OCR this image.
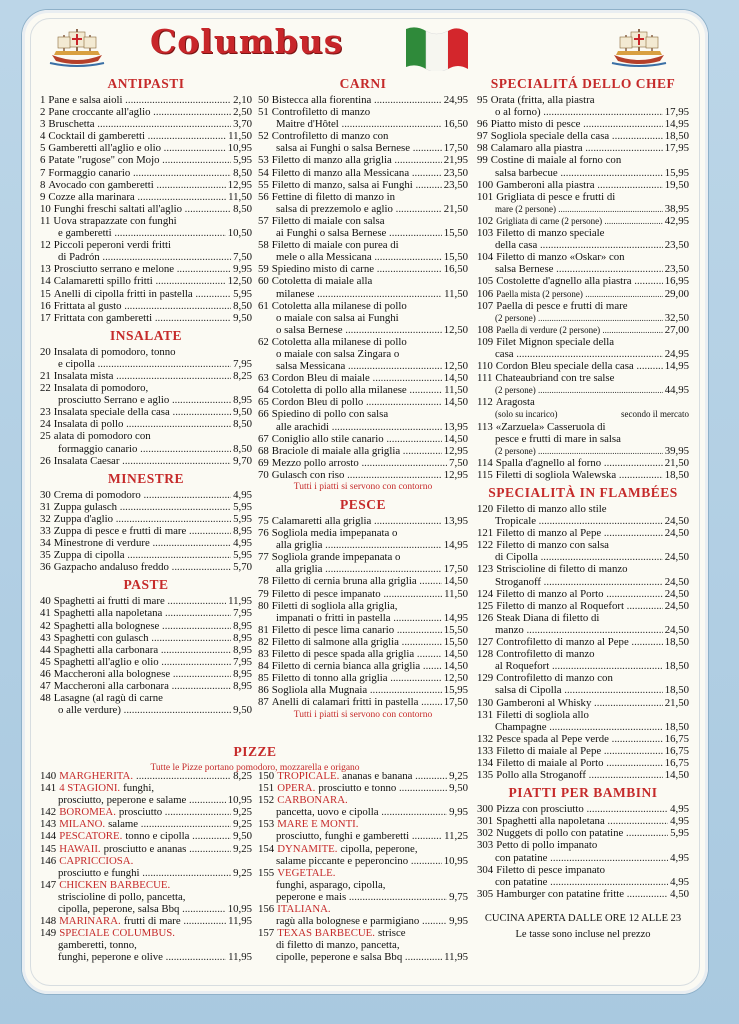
Columbus
ANTIPASTI
1 Pane e salsa aioli .....	2,10
2 Pane croccante all'aglio .....	2,50
3 Bruschetta .....	3,70
4 Cocktail di gamberetti .....	11,50
5 Gamberetti all'aglio e olio .....	10,95
6 Patate "rugose" con Mojo .....	5,95
7 Formaggio canario .....	8,50
8 Avocado con gamberetti .....	12,95
9 Cozze alla marinara .....	11,50
10 Funghi freschi saltati all'aglio .....	8,50
11 Uova strapazzate con funghi
e gamberetti .....	10,50
12 Piccoli peperoni verdi fritti
di Padrón .....	7,50
13 Prosciutto serrano e melone .....	9,95
14 Calamaretti spillo fritti .....	12,50
15 Anelli di cipolla fritti in pastella .....	5,95
16 Frittata al gusto .....	8,50
17 Frittata con gamberetti .....	9,50
INSALATE
20 Insalata di pomodoro, tonno
e cipolla .....	7,95
21 Insalata mista .....	8,25
22 Insalata di pomodoro,
prosciutto Serrano e aglio .....	8,95
23 Insalata speciale della casa .....	9,50
24 Insalata di pollo .....	8,50
25 alata di pomodoro con
formaggio canario .....	8,50
26 Insalata Caesar .....	9,70
MINESTRE
30 Crema di pomodoro .....	4,95
31 Zuppa gulasch .....	5,95
32 Zuppa d'aglio .....	5,95
33 Zuppa di pesce e frutti di mare .....	8,95
34 Minestrone di verdure .....	4,95
35 Zuppa di cipolla .....	5,95
36 Gazpacho andaluso freddo .....	5,70
PASTE
40 Spaghetti ai frutti di mare .....	11,95
41 Spaghetti alla napoletana .....	7,95
42 Spaghetti alla bolognese .....	8,95
43 Spaghetti con gulasch .....	8,95
44 Spaghetti alla carbonara .....	8,95
45 Spaghetti all'aglio e olio .....	7,95
46 Maccheroni alla bolognese .....	8,95
47 Maccheroni alla carbonara .....	8,95
48 Lasagne (al ragù di carne
o alle verdure) .....	9,50
CARNI
50 Bistecca alla fiorentina .....	24,95
51 Controfiletto di manzo
Maitre d'Hôtel .....	16,50
52 Controfiletto di manzo con
salsa ai Funghi o salsa Bernese .....	17,50
53 Filetto di manzo alla griglia .....	21,95
54 Filetto di manzo alla Messicana .....	23,50
55 Filetto di manzo, salsa ai Funghi .....	23,50
56 Fettine di filetto di manzo in
salsa di prezzemolo e aglio .....	21,50
57 Filetto di maiale con salsa
ai Funghi o salsa Bernese .....	15,50
58 Filetto di maiale con purea di
mele o alla Messicana .....	15,50
59 Spiedino misto di carne .....	16,50
60 Cotoletta di maiale alla
milanese .....	11,50
61 Cotoletta alla milanese di pollo
o maiale con salsa ai Funghi
o salsa Bernese .....	12,50
62 Cotoletta alla milanese di pollo
o maiale con salsa Zingara o
salsa Messicana .....	12,50
63 Cordon Bleu di maiale .....	14,50
64 Cotoletta di pollo alla milanese .....	11,50
65 Cordon Bleu di pollo .....	14,50
66 Spiedino di pollo con salsa
alle arachidi .....	13,95
67 Coniglio allo stile canario .....	14,50
68 Braciole di maiale alla griglia .....	12,95
69 Mezzo pollo arrosto .....	7,50
70 Gulasch con riso .....	12,95
Tutti i piatti si servono con contorno
PESCE
75 Calamaretti alla griglia .....	13,95
76 Sogliola media impepanata o
alla griglia .....	14,95
77 Sogliola grande impepanata o
alla griglia .....	17,50
78 Filetto di cernia bruna alla griglia .....	14,50
79 Filetto di pesce impanato .....	11,50
80 Filetti di sogliola alla griglia,
impanati o fritti in pastella .....	14,95
81 Filetto di pesce lima canario .....	15,50
82 Filetto di salmone alla griglia .....	15,50
83 Filetto di pesce spada alla griglia .....	14,50
84 Filetto di cernia bianca alla griglia .....	14,50
85 Filetto di tonno alla griglia .....	12,50
86 Sogliola alla Mugnaia .....	15,95
87 Anelli di calamari fritti in pastella .....	17,50
Tutti i piatti si servono con contorno
SPECIALITÁ DELLO CHEF
95 Orata (fritta, alla piastra
o al forno) .....	17,95
96 Piatto misto di pesce .....	14,95
97 Sogliola speciale della casa .....	18,50
98 Calamaro alla piastra .....	17,95
99 Costine di maiale al forno con
salsa barbecue .....	15,95
100 Gamberoni alla piastra .....	19,50
101 Grigliata di pesce e frutti di
mare (2 persone) .....	38,95
102 Grigliata di carne (2 persone) .....	42,95
103 Filetto di manzo speciale
della casa .....	23,50
104 Filetto di manzo «Oskar» con
salsa Bernese .....	23,50
105 Costolette d'agnello alla piastra .....	16,95
106 Paella mista (2 persone) .....	29,00
107 Paella di pesce e frutti di mare
(2 persone) .....	32,50
108 Paella di verdure (2 persone) .....	27,00
109 Filet Mignon speciale della
casa .....	24,95
110 Cordon Bleu speciale della casa .....	14,95
111 Chateaubriand con tre salse
(2 persone) .....	44,95
112 Aragosta
(solo su incarico)	secondo il mercato
113 «Zarzuela» Casseruola di
pesce e frutti di mare in salsa
(2 persone) .....	39,95
114 Spalla d'agnello al forno .....	21,50
115 Filetti di sogliola Walewska .....	18,50
SPECIALITÀ IN FLAMBÉES
120 Filetto di manzo allo stile
Tropicale .....	24,50
121 Filetto di manzo al Pepe .....	24,50
122 Filetto di manzo con salsa
di Cipolla .....	24,50
123 Striscioline di filetto di manzo
Stroganoff .....	24,50
124 Filetto di manzo al Porto .....	24,50
125 Filetto di manzo al Roquefort .....	24,50
126 Steak Diana di filetto di
manzo .....	24,50
127 Controfiletto di manzo al Pepe .....	18,50
128 Controfiletto di manzo
al Roquefort .....	18,50
129 Controfiletto di manzo con
salsa di Cipolla .....	18,50
130 Gamberoni al Whisky .....	21,50
131 Filetti di sogliola allo
Champagne .....	18,50
132 Pesce spada al Pepe verde .....	16,75
133 Filetto di maiale al Pepe .....	16,75
134 Filetto di maiale al Porto .....	16,75
135 Pollo alla Stroganoff .....	14,50
PIATTI PER BAMBINI
300 Pizza con prosciutto .....	4,95
301 Spaghetti alla napoletana .....	4,95
302 Nuggets di pollo con patatine .....	5,95
303 Petto di pollo impanato
con patatine .....	4,95
304 Filetto di pesce impanato
con patatine .....	4,95
305 Hamburger con patatine fritte .....	4,50
CUCINA APERTA DALLE ORE 12 ALLE 23
Le tasse sono incluse nel prezzo
PIZZE
Tutte le Pizze portano pomodoro, mozzarella e origano
140 MARGHERITA.
.....	8,25
141 4 STAGIONI. funghi,
prosciutto, peperone e salame .....	10,95
142 BOROMEA. prosciutto .....	9,25
143 MILANO. salame .....	9,25
144 PESCATORE. tonno e cipolla .....	9,50
145 HAWAII. prosciutto e ananas .....	9,25
146 CAPRICCIOSA.
prosciutto e funghi .....	9,25
147 CHICKEN BARBECUE.
striscioline di pollo, pancetta,
cipolla, peperone, salsa Bbq .....	10,95
148 MARINARA. frutti di mare .....	11,95
149 SPECIALE COLUMBUS.
gamberetti, tonno,
funghi, peperone e olive .....	11,95
150 TROPICALE. ananas e banana .....	9,25
151 OPERA. prosciutto e tonno .....	9,50
152 CARBONARA.
pancetta, uovo e cipolla .....	9,95
153 MARE E MONTI.
prosciutto, funghi e gamberetti .....	11,25
154 DYNAMITE. cipolla, peperone,
salame piccante e peperoncino .....	10,95
155 VEGETALE.
funghi, asparago, cipolla,
peperone e mais .....	9,75
156 ITALIANA.
ragù alla bolognese e parmigiano .....	9,95
157 TEXAS BARBECUE. strisce
di filetto di manzo, pancetta,
cipolle, peperone e salsa Bbq .....	11,95
